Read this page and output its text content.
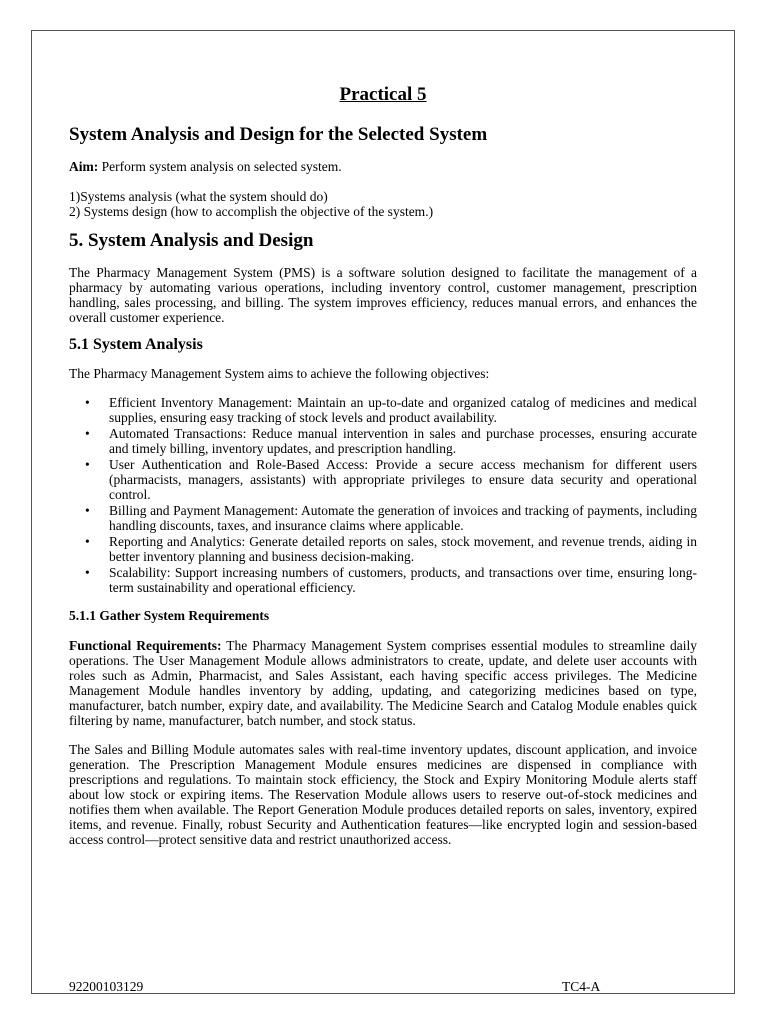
Practical 5
System Analysis and Design for the Selected System

Aim: Perform system analysis on selected system.

1)Systems analysis (what the system should do)

2) Systems design (how to accomplish the objective of the system.)

5. System Analysis and Design

The Pharmacy Management System (PMS) is a software solution designed to facilitate the management of a pharmacy by automating various operations, including inventory control, customer management, prescription handling, sales processing, and billing. The system improves efficiency, reduces manual errors, and enhances the overall customer experience.

5.1 System Analysis

The Pharmacy Management System aims to achieve the following objectives:

• Efficient Inventory Management: Maintain an up-to-date and organized catalog of medicines and medical supplies, ensuring easy tracking of stock levels and product availability.
• Automated Transactions: Reduce manual intervention in sales and purchase processes, ensuring accurate and timely billing, inventory updates, and prescription handling.
• User Authentication and Role-Based Access: Provide a secure access mechanism for different users (pharmacists, managers, assistants) with appropriate privileges to ensure data security and operational control.
• Billing and Payment Management: Automate the generation of invoices and tracking of payments, including handling discounts, taxes, and insurance claims where applicable.
• Reporting and Analytics: Generate detailed reports on sales, stock movement, and revenue trends, aiding in better inventory planning and business decision-making.
• Scalability: Support increasing numbers of customers, products, and transactions over time, ensuring long-term sustainability and operational efficiency.
5.1.1 Gather System Requirements

Functional Requirements: The Pharmacy Management System comprises essential modules to streamline daily operations. The User Management Module allows administrators to create, update, and delete user accounts with roles such as Admin, Pharmacist, and Sales Assistant, each having specific access privileges. The Medicine Management Module handles inventory by adding, updating, and categorizing medicines based on type, manufacturer, batch number, expiry date, and availability. The Medicine Search and Catalog Module enables quick filtering by name, manufacturer, batch number, and stock status.

The Sales and Billing Module automates sales with real-time inventory updates, discount application, and invoice generation. The Prescription Management Module ensures medicines are dispensed in compliance with prescriptions and regulations. To maintain stock efficiency, the Stock and Expiry Monitoring Module alerts staff about low stock or expiring items. The Reservation Module allows users to reserve out-of-stock medicines and notifies them when available. The Report Generation Module produces detailed reports on sales, inventory, expired items, and revenue. Finally, robust Security and Authentication features—like encrypted login and session-based access control—protect sensitive data and restrict unauthorized access.

92200103129	TC4-A
